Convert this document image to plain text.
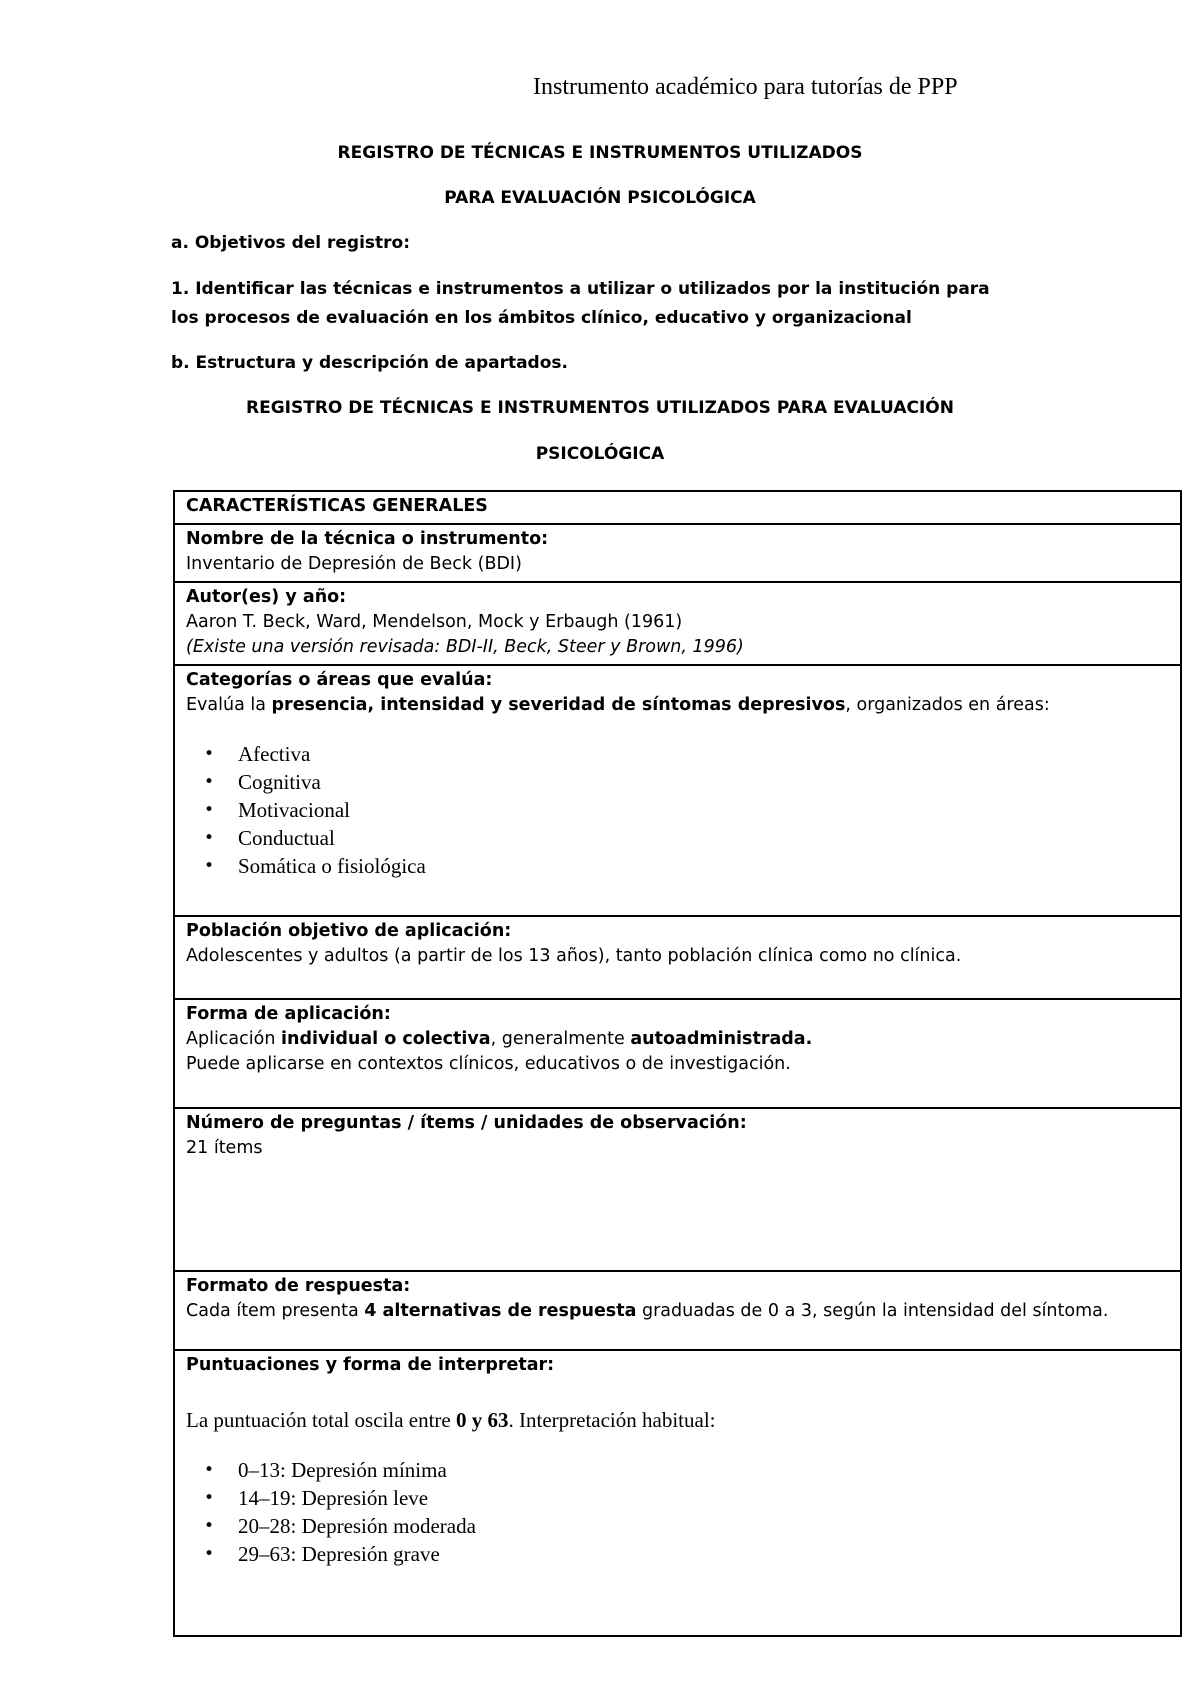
Instrumento académico para tutorías de PPP
REGISTRO DE TÉCNICAS E INSTRUMENTOS UTILIZADOS
PARA EVALUACIÓN PSICOLÓGICA
a. Objetivos del registro:
1. Identificar las técnicas e instrumentos a utilizar o utilizados por la institución para
los procesos de evaluación en los ámbitos clínico, educativo y organizacional
b. Estructura y descripción de apartados.
REGISTRO DE TÉCNICAS E INSTRUMENTOS UTILIZADOS PARA EVALUACIÓN
PSICOLÓGICA
CARACTERÍSTICAS GENERALES

Nombre de la técnica o instrumento:
Inventario de Depresión de Beck (BDI)

Autor(es) y año:
Aaron T. Beck, Ward, Mendelson, Mock y Erbaugh (1961)
(Existe una versión revisada: BDI-II, Beck, Steer y Brown, 1996)

Categorías o áreas que evalúa:
Evalúa la presencia, intensidad y severidad de síntomas depresivos, organizados en áreas:
• Afectiva
• Cognitiva
• Motivacional
• Conductual
• Somática o fisiológica

Población objetivo de aplicación:
Adolescentes y adultos (a partir de los 13 años), tanto población clínica como no clínica.

Forma de aplicación:
Aplicación individual o colectiva, generalmente autoadministrada.
Puede aplicarse en contextos clínicos, educativos o de investigación.

Número de preguntas / ítems / unidades de observación:
21 ítems

Formato de respuesta:
Cada ítem presenta 4 alternativas de respuesta graduadas de 0 a 3, según la intensidad del síntoma.

Puntuaciones y forma de interpretar:
La puntuación total oscila entre 0 y 63. Interpretación habitual:
• 0–13: Depresión mínima
• 14–19: Depresión leve
• 20–28: Depresión moderada
• 29–63: Depresión grave
